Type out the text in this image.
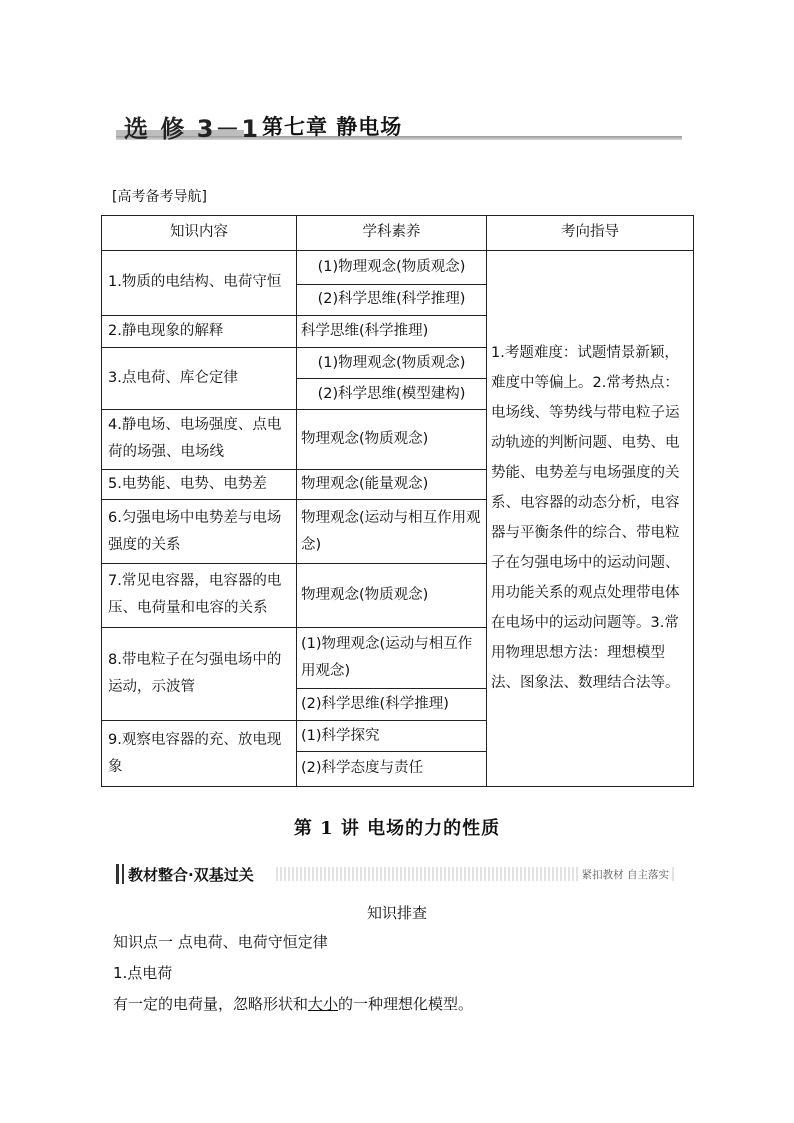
选 修 3－1 第七章 静电场
[高考备考导航]
知识内容	学科素养	考向指导
1.物质的电结构、电荷守恒	(1)物理观念(物质观念)	1.考题难度：试题情景新颖，难度中等偏上。2.常考热点：电场线、等势线与带电粒子运动轨迹的判断问题、电势、电势能、电势差与电场强度的关系、电容器的动态分析，电容器与平衡条件的综合、带电粒子在匀强电场中的运动问题、用功能关系的观点处理带电体在电场中的运动问题等。3.常用物理思想方法：理想模型法、图象法、数理结合法等。
	(2)科学思维(科学推理)	
2.静电现象的解释	科学思维(科学推理)	
3.点电荷、库仑定律	(1)物理观念(物质观念)	
	(2)科学思维(模型建构)	
4.静电场、电场强度、点电荷的场强、电场线	物理观念(物质观念)	
5.电势能、电势、电势差	物理观念(能量观念)	
6.匀强电场中电势差与电场强度的关系	物理观念(运动与相互作用观念)	
7.常见电容器，电容器的电压、电荷量和电容的关系	物理观念(物质观念)	
8.带电粒子在匀强电场中的运动，示波管	(1)物理观念(运动与相互作用观念)	
	(2)科学思维(科学推理)	
9.观察电容器的充、放电现象	(1)科学探究	
	(2)科学态度与责任	
第 1 讲 电场的力的性质
教材整合·双基过关	紧扣教材 自主落实
知识排查
知识点一 点电荷、电荷守恒定律
1.点电荷
有一定的电荷量，忽略形状和大小的一种理想化模型。
